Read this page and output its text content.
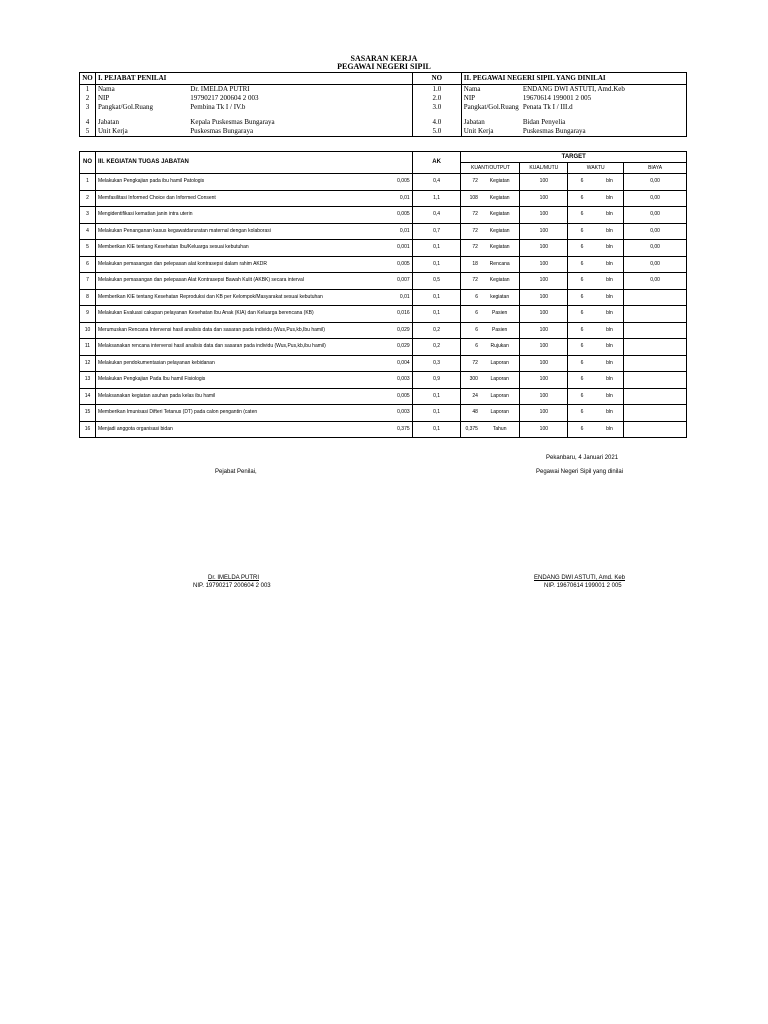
SASARAN KERJA
PEGAWAI NEGERI SIPIL
NO	I. PEJABAT PENILAI		NO	II. PEGAWAI NEGERI SIPIL YANG DINILAI	
1	Nama	Dr. IMELDA PUTRI	1.0	Nama	ENDANG DWI ASTUTI, Amd.Keb
2	NIP	19790217 200604 2 003	2.0	NIP	19670614 199001 2 005
3	Pangkat/Gol.Ruang	Pembina Tk I / IV.b	3.0	Pangkat/Gol.Ruang	Penata Tk I / III.d

4	Jabatan	Kepala Puskesmas Bungaraya	4.0	Jabatan	Bidan Penyelia
5	Unit Kerja	Puskesmas Bungaraya	5.0	Unit Kerja	Puskesmas Bungaraya
NO	III. KEGIATAN TUGAS JABATAN		AK	TARGET					
				KUANT/OUTPUT		KUAL/MUTU	WAKTU		BIAYA
1	Melakukan Pengkajian pada ibu hamil Patologis	0,005	0,4	72	Kegiatan	100	6	bln	0,00
2	Memfasilitasi Informed Choice dan Informed Consent	0,01	1,1	108	Kegiatan	100	6	bln	0,00
3	Mengidentifikasi kematian janin intra uterin	0,005	0,4	72	Kegiatan	100	6	bln	0,00
4	Melakukan Penanganan kasus kegawatdaruratan maternal dengan kolaborasi	0,01	0,7	72	Kegiatan	100	6	bln	0,00
5	Memberikan KIE tentang Kesehatan Ibu/Keluarga sesuai kebutuhan	0,001	0,1	72	Kegiatan	100	6	bln	0,00
6	Melakukan pemasangan dan pelepasan alat kontrasepsi dalam rahim AKDR	0,005	0,1	18	Rencana	100	6	bln	0,00
7	Melakukan pemasangan dan pelepasan Alat Kontrasepsi Bawah Kulit (AKBK) secara interval	0,007	0,5	72	Kegiatan	100	6	bln	0,00
8	Memberikan KIE tentang Kesehatan Reproduksi dan KB per Kelompok/Masyarakat sesuai kebutuhan	0,01	0,1	6	kegiatan	100	6	bln	
9	Melakukan Evaluasi cakupan pelayanan Kesehatan Ibu Anak (KIA) dan Keluarga berencana (KB)	0,016	0,1	6	Pasien	100	6	bln	
10	Merumuskan Rencana Intervensi hasil analisis data dan sasaran pada individu (Wus,Pus,kb,Ibu hamil)	0,029	0,2	6	Pasien	100	6	bln	
11	Melaksanakan rencana intervensi hasil analisis data dan sasaran pada individu (Wus,Pus,kb,ibu hamil)	0,029	0,2	6	Rujukan	100	6	bln	
12	Melakukan pendokumentasian pelayanan kebidanan	0,004	0,3	72	Laporan	100	6	bln	
13	Melakukan Pengkajian Pada Ibu hamil Fisiologis	0,003	0,9	300	Laporan	100	6	bln	
14	Melaksanakan kegiatan asuhan pada kelas ibu hamil	0,005	0,1	24	Laporan	100	6	bln	
15	Memberikan Imunisasi Difteri Tetanus (DT) pada calon pengantin (caten	0,003	0,1	48	Laporan	100	6	bln	
16	Menjadi anggota organisasi bidan	0,375	0,1	0,375	Tahun	100	6	bln	
Pekanbaru, 4 Januari 2021
Pejabat Penilai,	Pegawai Negeri Sipil yang dinilai
Dr. IMELDA PUTRI
NIP. 19790217 200604 2 003
ENDANG DWI ASTUTI, Amd. Keb
NIP. 19670614 199001 2 005
